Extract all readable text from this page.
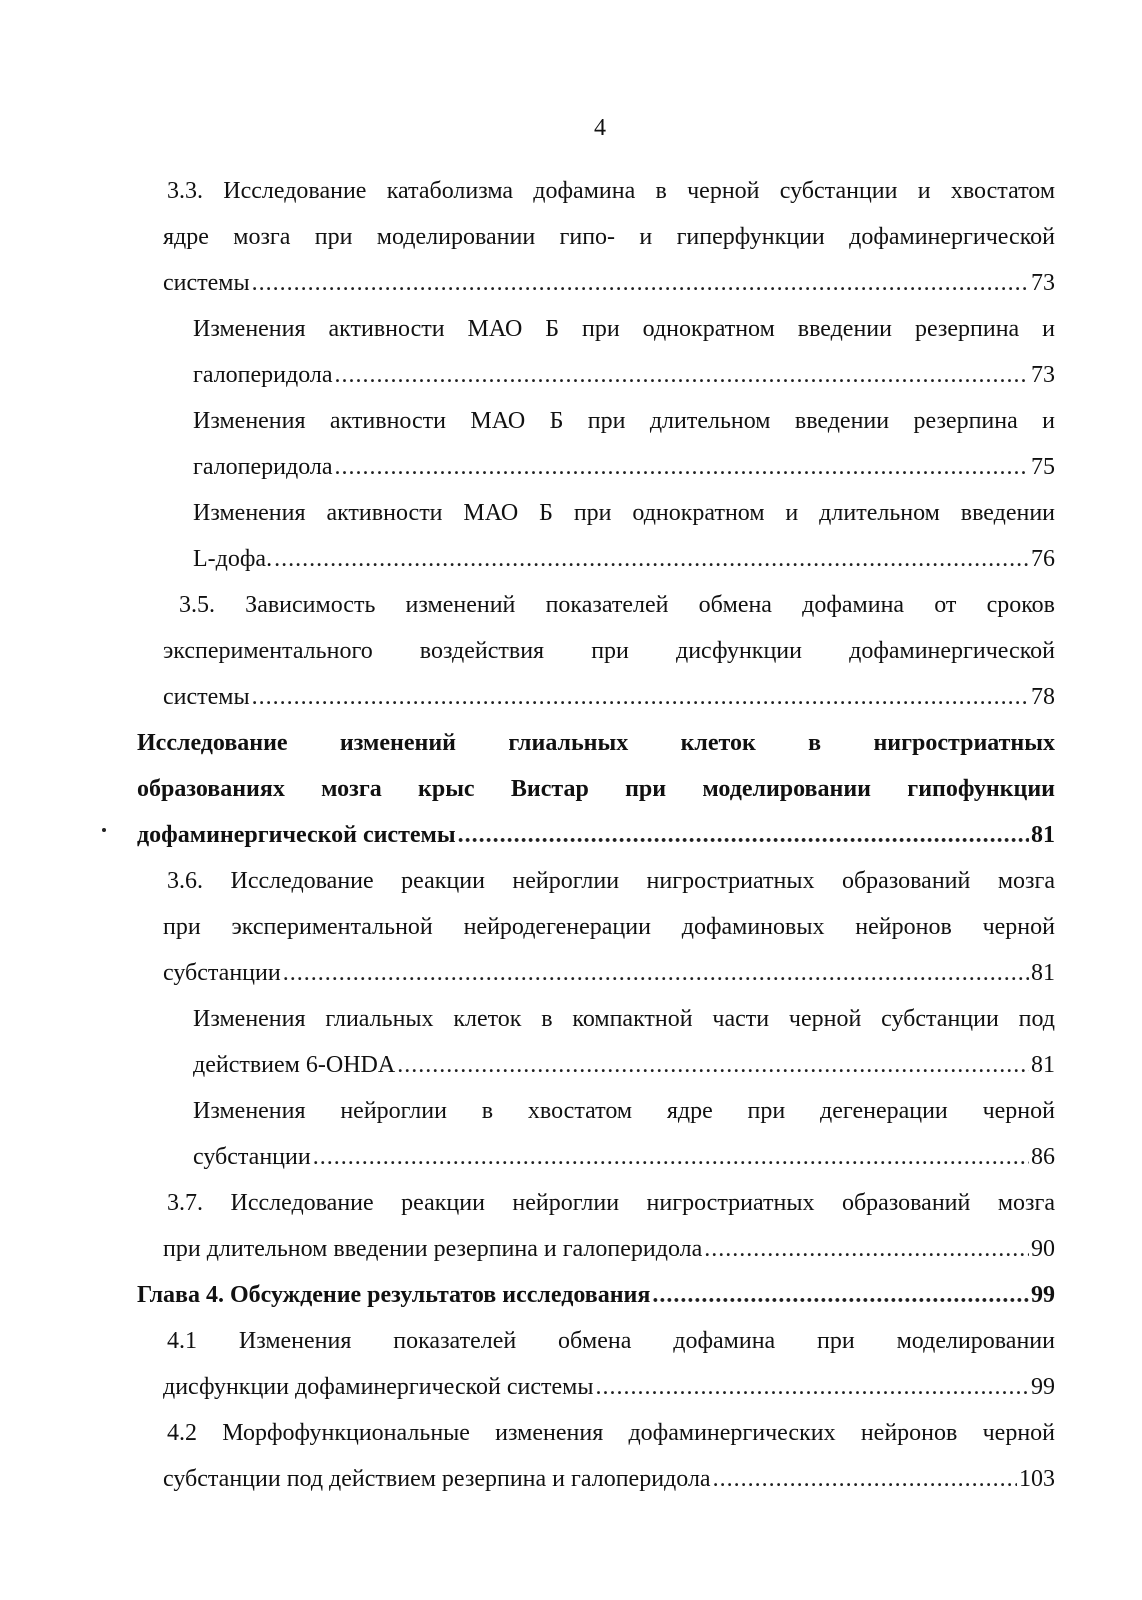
4
3.3. Исследование катаболизма дофамина в черной субстанции и хвостатом
ядре мозга при моделировании гипо- и гиперфункции дофаминергической
системы .....	73
Изменения активности МАО Б при однократном введении резерпина и
галоперидола .....	73
Изменения активности МАО Б при длительном введении резерпина и
галоперидола .....	75
Изменения активности МАО Б при однократном и длительном введении
L-дофа. .....	76
3.5. Зависимость изменений показателей обмена дофамина от сроков
экспериментального воздействия при дисфункции дофаминергической
системы .....	78
Исследование изменений глиальных клеток в нигростриатных
образованиях мозга крыс Вистар при моделировании гипофункции
дофаминергической системы .....	81
3.6. Исследование реакции нейроглии нигростриатных образований мозга
при экспериментальной нейродегенерации дофаминовых нейронов черной
субстанции .....	81
Изменения глиальных клеток в компактной части черной субстанции под
действием 6-OHDA .....	81
Изменения нейроглии в хвостатом ядре при дегенерации черной
субстанции .....	86
3.7. Исследование реакции нейроглии нигростриатных образований мозга
при длительном введении резерпина и галоперидола .....	90
Глава 4. Обсуждение результатов исследования .....	99
4.1 Изменения показателей обмена дофамина при моделировании
дисфункции дофаминергической системы .....	99
4.2 Морфофункциональные изменения дофаминергических нейронов черной
субстанции под действием резерпина и галоперидола .....	103
